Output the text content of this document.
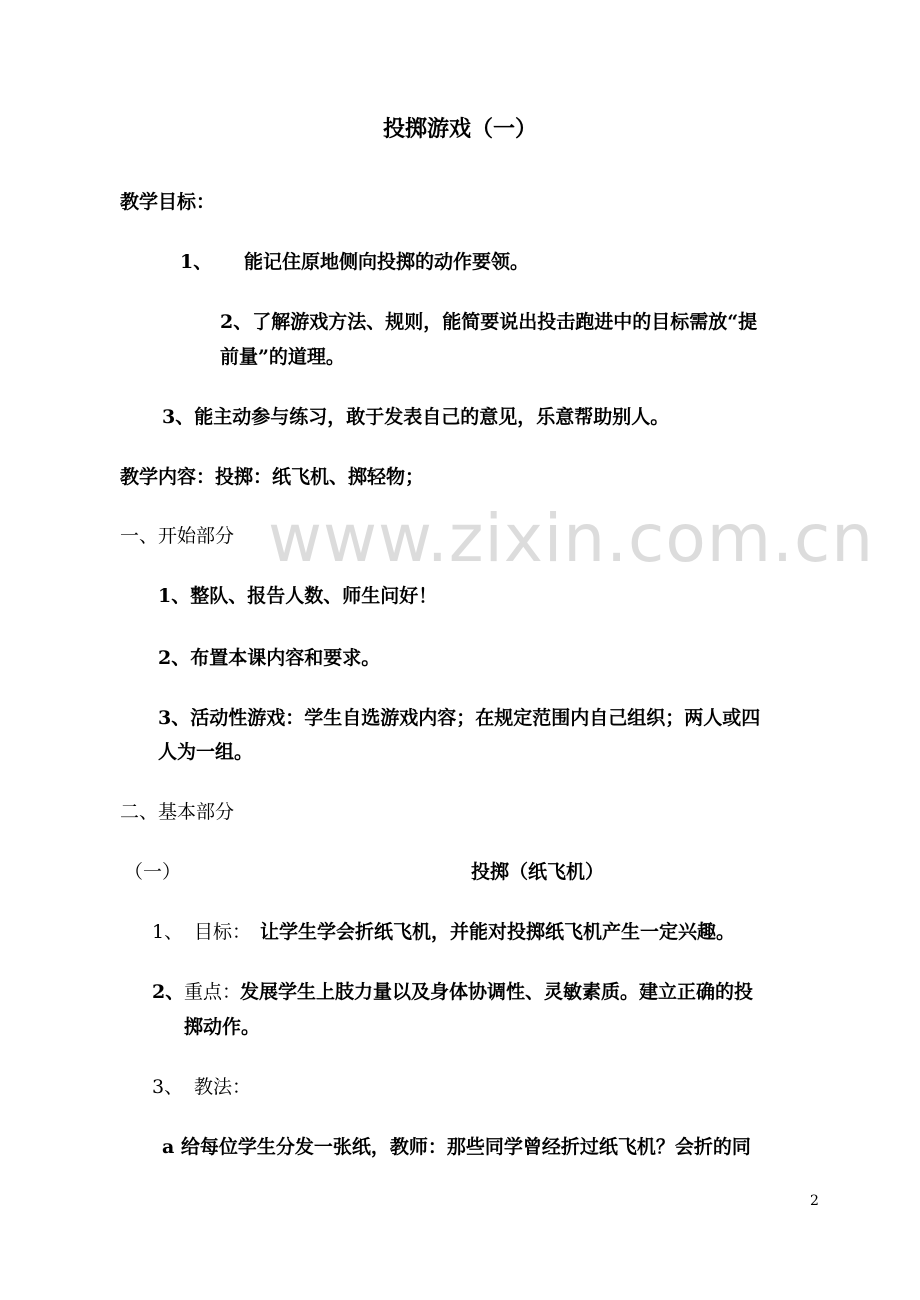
www.zixin.com.cn
投掷游戏（一）
教学目标：
1、 能记住原地侧向投掷的动作要领。
2、了解游戏方法、规则，能简要说出投击跑进中的目标需放“提
前量”的道理。
3、能主动参与练习，敢于发表自己的意见，乐意帮助别人。
教学内容：投掷：纸飞机、掷轻物；
一、开始部分
1、整队、报告人数、师生问好！
2、布置本课内容和要求。
3、活动性游戏：学生自选游戏内容；在规定范围内自己组织；两人或四
人为一组。
二、基本部分
（一）	投掷（纸飞机）
1、 目标： 让学生学会折纸飞机，并能对投掷纸飞机产生一定兴趣。
2、 重点：
发展学生上肢力量以及身体协调性、灵敏素质。建立正确的投
掷动作。
3、 教法：
a 给每位学生分发一张纸，教师：那些同学曾经折过纸飞机？会折的同
2
